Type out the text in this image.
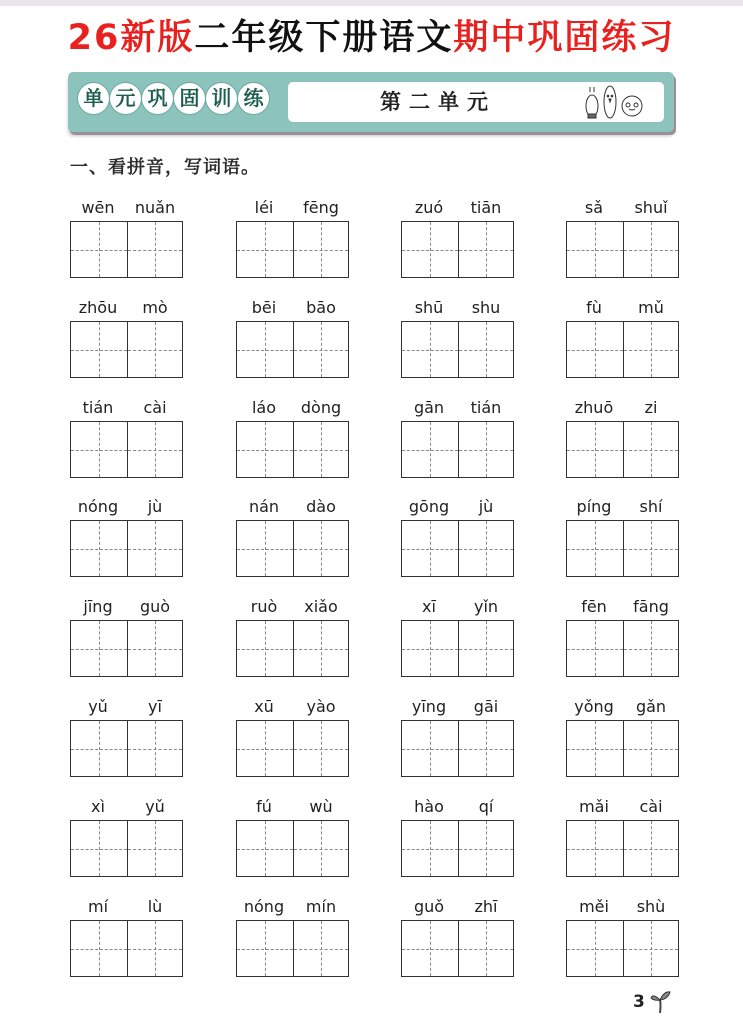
26新版二年级下册语文期中巩固练习
单 元 巩 固 训 练	第二单元
一、看拼音，写词语。
wēn	nuǎn	léi	fēng	zuó	tiān	sǎ	shuǐ
zhōu	mò	bēi	bāo	shū	shu	fù	mǔ
tián	cài	láo	dòng	gān	tián	zhuō	zi
nóng	jù	nán	dào	gōng	jù	píng	shí
jīng	guò	ruò	xiǎo	xī	yǐn	fēn	fāng
yǔ	yī	xū	yào	yīng	gāi	yǒng	gǎn
xì	yǔ	fú	wù	hào	qí	mǎi	cài
mí	lù	nóng	mín	guǒ	zhī	měi	shù
3
